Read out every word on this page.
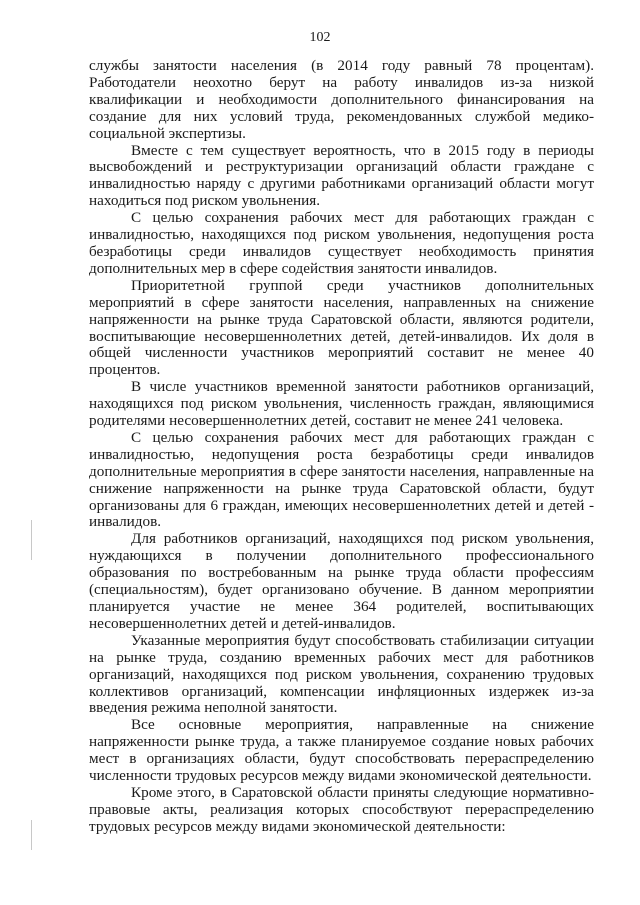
102

службы занятости населения (в 2014 году равный 78 процентам). Работодатели неохотно берут на работу инвалидов из-за низкой квалификации и необходимости дополнительного финансирования на создание для них условий труда, рекомендованных службой медико-социальной экспертизы.

Вместе с тем существует вероятность, что в 2015 году в периоды высвобождений и реструктуризации организаций области граждане с инвалидностью наряду с другими работниками организаций области могут находиться под риском увольнения.

С целью сохранения рабочих мест для работающих граждан с инвалидностью, находящихся под риском увольнения, недопущения роста безработицы среди инвалидов существует необходимость принятия дополнительных мер в сфере содействия занятости инвалидов.

Приоритетной группой среди участников дополнительных мероприятий в сфере занятости населения, направленных на снижение напряженности на рынке труда Саратовской области, являются родители, воспитывающие несовершеннолетних детей, детей-инвалидов. Их доля в общей численности участников мероприятий составит не менее 40 процентов.

В числе участников временной занятости работников организаций, находящихся под риском увольнения, численность граждан, являющимися родителями несовершеннолетних детей, составит не менее 241 человека.

С целью сохранения рабочих мест для работающих граждан с инвалидностью, недопущения роста безработицы среди инвалидов дополнительные мероприятия в сфере занятости населения, направленные на снижение напряженности на рынке труда Саратовской области, будут организованы для 6 граждан, имеющих несовершеннолетних детей и детей - инвалидов.

Для работников организаций, находящихся под риском увольнения, нуждающихся в получении дополнительного профессионального образования по востребованным на рынке труда области профессиям (специальностям), будет организовано обучение. В данном мероприятии планируется участие не менее 364 родителей, воспитывающих несовершеннолетних детей и детей-инвалидов.

Указанные мероприятия будут способствовать стабилизации ситуации на рынке труда, созданию временных рабочих мест для работников организаций, находящихся под риском увольнения, сохранению трудовых коллективов организаций, компенсации инфляционных издержек из-за введения режима неполной занятости.

Все основные мероприятия, направленные на снижение напряженности рынке труда, а также планируемое создание новых рабочих мест в организациях области, будут способствовать перераспределению численности трудовых ресурсов между видами экономической деятельности.

Кроме этого, в Саратовской области приняты следующие нормативно-правовые акты, реализация которых способствуют перераспределению трудовых ресурсов между видами экономической деятельности:
